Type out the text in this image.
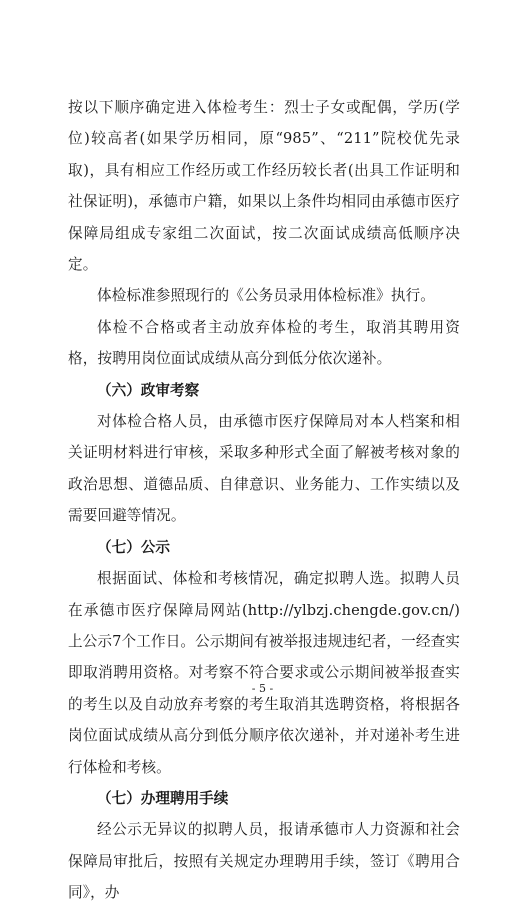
按以下顺序确定进入体检考生：烈士子女或配偶，学历(学位)较高者(如果学历相同，原“985”、“211”院校优先录取)，具有相应工作经历或工作经历较长者(出具工作证明和社保证明)，承德市户籍，如果以上条件均相同由承德市医疗保障局组成专家组二次面试，按二次面试成绩高低顺序决定。

体检标准参照现行的《公务员录用体检标准》执行。

体检不合格或者主动放弃体检的考生，取消其聘用资格，按聘用岗位面试成绩从高分到低分依次递补。

（六）政审考察

对体检合格人员，由承德市医疗保障局对本人档案和相关证明材料进行审核，采取多种形式全面了解被考核对象的政治思想、道德品质、自律意识、业务能力、工作实绩以及需要回避等情况。

（七）公示

根据面试、体检和考核情况，确定拟聘人选。拟聘人员在承德市医疗保障局网站(http://ylbzj.chengde.gov.cn/)上公示7个工作日。公示期间有被举报违规违纪者，一经查实即取消聘用资格。对考察不符合要求或公示期间被举报查实的考生以及自动放弃考察的考生取消其选聘资格，将根据各岗位面试成绩从高分到低分顺序依次递补，并对递补考生进行体检和考核。

（七）办理聘用手续

经公示无异议的拟聘人员，报请承德市人力资源和社会保障局审批后，按照有关规定办理聘用手续，签订《聘用合同》，办

- 5 -
